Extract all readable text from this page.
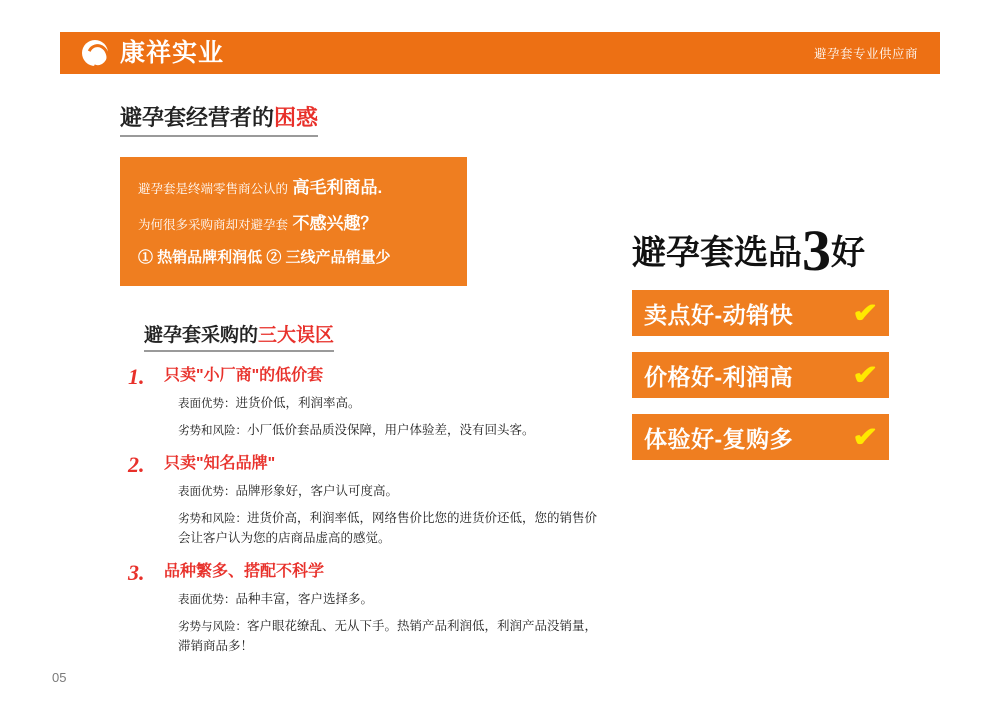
康祥实业	避孕套专业供应商
避孕套经营者的困惑
避孕套是终端零售商公认的 高毛利商品.
为何很多采购商却对避孕套 不感兴趣？
① 热销品牌利润低 ② 三线产品销量少
避孕套采购的三大误区
1. 只卖"小厂商"的低价套
表面优势：进货价低，利润率高。
劣势和风险：小厂低价套品质没保障，用户体验差，没有回头客。
2. 只卖"知名品牌"
表面优势：品牌形象好，客户认可度高。
劣势和风险：进货价高，利润率低，网络售价比您的进货价还低，您的销售价会让客户认为您的店商品虚高的感觉。
3. 品种繁多、搭配不科学
表面优势：品种丰富，客户选择多。
劣势与风险：客户眼花缭乱、无从下手。热销产品利润低，利润产品没销量，滞销商品多！
避孕套选品3好
卖点好-动销快 ✔
价格好-利润高 ✔
体验好-复购多 ✔
05
